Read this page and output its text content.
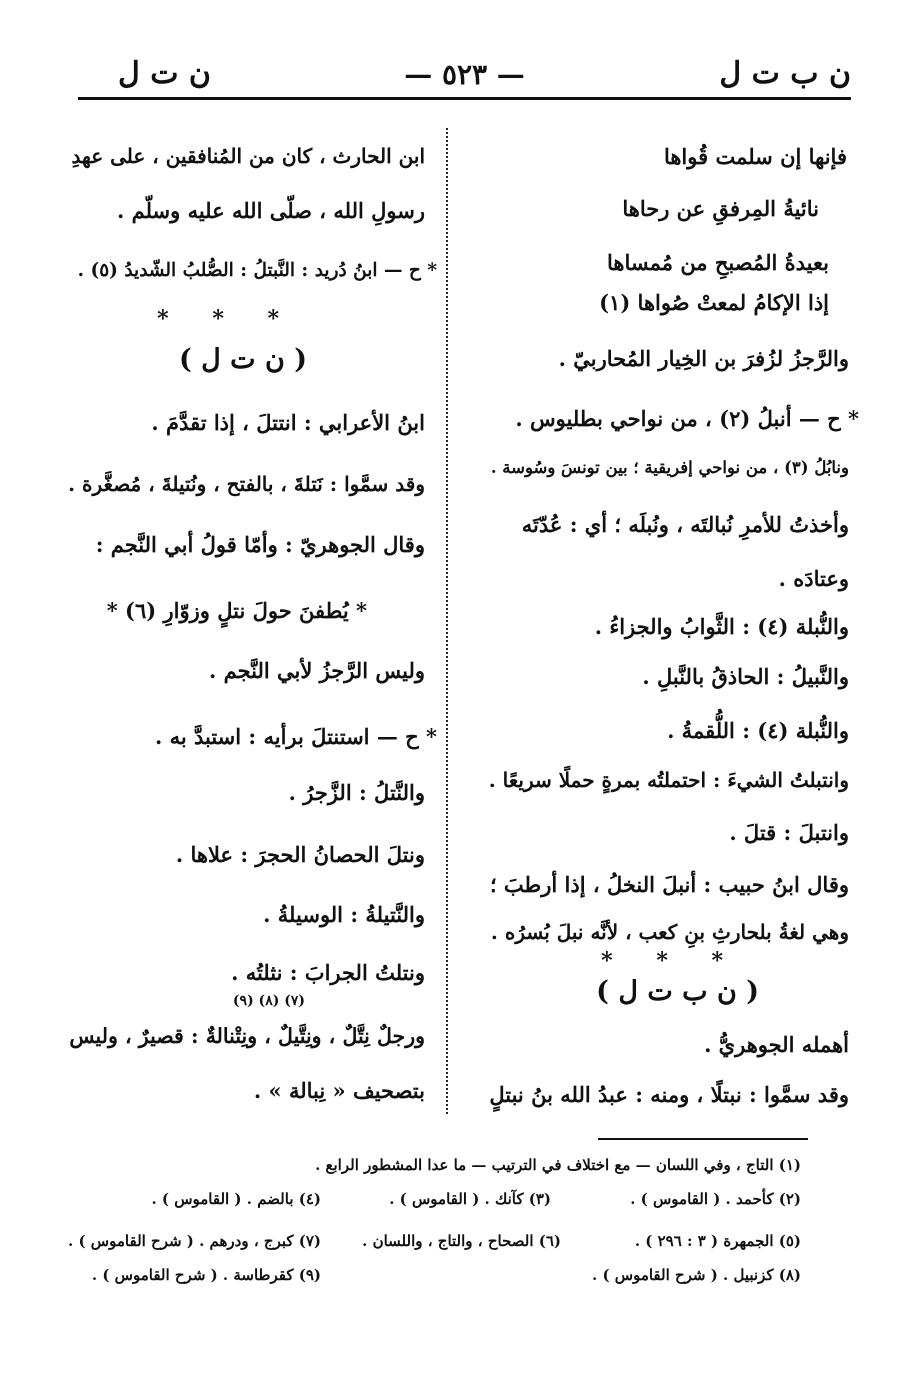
ن ب ت ل
— ٥٢٣ —
ن ت ل
فإنها إن سلمت قُواها
نائيةُ المِرفقِ عن رحاها
بعيدةُ المُصبحِ من مُمساها
إذا الإكامُ لمعتْ صُواها (١)
والرَّجزُ لزُفرَ بن الخِيار المُحاربيّ .
* ح — أنبلُ (٢) ، من نواحي بطليوس .
ونابُلُ (٣) ، من نواحي إفريقية ؛ بين تونسَ وسُوسة .
وأخذتُ للأمرِ نُبالتَه ، ونُبلَه ؛ أي : عُدّتَه
وعتادَه .
والنُّبلة (٤) : الثَّوابُ والجزاءُ .
والنَّبيلُ : الحاذقُ بالنَّبلِ .
والنُّبلة (٤) : اللُّقمةُ .
وانتبلتُ الشيءَ : احتملتُه بمرةٍ حملًا سريعًا .
وانتبلَ : قتلَ .
وقال ابنُ حبيب : أنبلَ النخلُ ، إذا أرطبَ ؛
وهي لغةُ بلحارثِ بنِ كعب ، لأنَّه نبلَ بُسرُه .
* * *
( ن ب ت ل )
أهمله الجوهريُّ .
وقد سمَّوا : نبتلًا ، ومنه : عبدُ الله بنُ نبتلٍ
ابن الحارث ، كان من المُنافقين ، على عهدِ
رسولِ الله ، صلّى الله عليه وسلّم .
* ح — ابنُ دُريد : النَّبتلُ : الصُّلبُ الشّديدُ (٥) .
* * *
( ن ت ل )
ابنُ الأعرابي : انتتلَ ، إذا تقدَّمَ .
وقد سمَّوا : نَتلةَ ، بالفتح ، ونُتيلةَ ، مُصغَّرة .
وقال الجوهريّ : وأمّا قولُ أبي النَّجم :
* يُطفنَ حولَ نتلٍ وزوّارِ (٦) *
وليس الرَّجزُ لأبي النَّجم .
* ح — استنتلَ برأيه : استبدَّ به .
والنَّتلُ : الزَّجرُ .
ونتلَ الحصانُ الحجرَ : علاها .
والنَّتيلةُ : الوسيلةُ .
ونتلتُ الجرابَ : نثلتُه .
(٧) (٨) (٩)
ورجلٌ نِتَّلٌ ، ونِتَّيلٌ ، ونِتْنالةٌ : قصيرٌ ، وليس
بتصحيف « نِبالة » .
(١) التاج ، وفي اللسان — مع اختلاف في الترتيب — ما عدا المشطور الرابع .
(٢) كأحمد . ( القاموس ) .
(٣) كآنك . ( القاموس ) .
(٤) بالضم . ( القاموس ) .
(٥) الجمهرة ( ٣ : ٢٩٦ ) .
(٦) الصحاح ، والتاج ، واللسان .
(٧) كبرج ، ودرهم . ( شرح القاموس ) .
(٨) كزنبيل . ( شرح القاموس ) .
(٩) كقرطاسة . ( شرح القاموس ) .
